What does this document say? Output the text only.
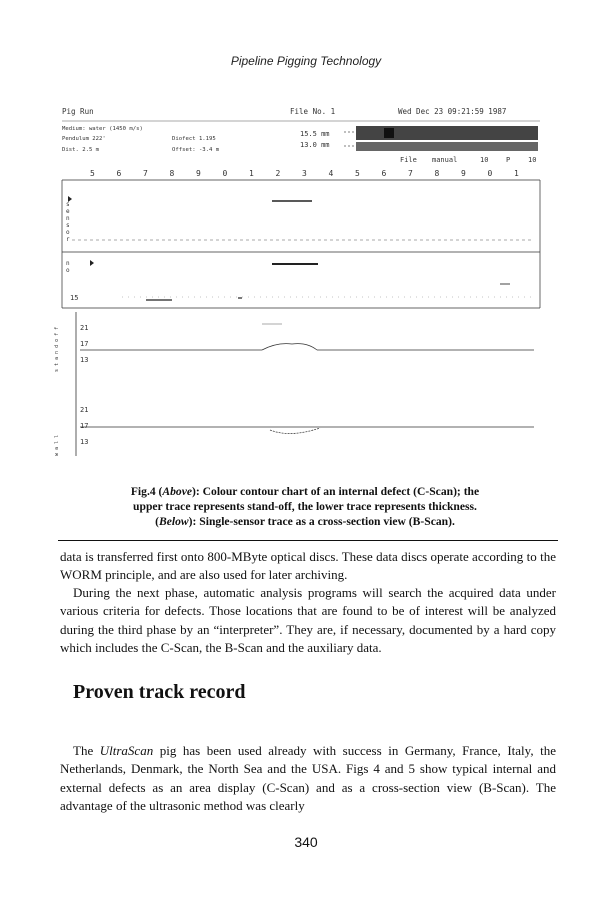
Pipeline Pigging Technology
Pig Run	File No. 1	Wed Dec 23 09:21:59 1987
Medium: water (1450 m/s)
Pendulum 222'	Diofect 1.195
Dist. 2.5 m	Offset: -3.4 m
15.5 mm
13.0 mm
File manual	10	P	10
5	6	7	8	9	0	1	2	3	4	5	6	7	8	9	0	1
s
e
n
s
o
r
n
o
15
s t a n d o f f
w a l l
21
17
13
21
17
13
Fig.4 (Above): Colour contour chart of an internal defect (C-Scan); the
upper trace represents stand-off, the lower trace represents thickness.
(Below): Single-sensor trace as a cross-section view (B-Scan).

data is transferred first onto 800-MByte optical discs. These data discs operate according to the WORM principle, and are also used for later archiving.

During the next phase, automatic analysis programs will search the acquired data under various criteria for defects. Those locations that are found to be of interest will be analyzed during the third phase by an “interpreter”. They are, if necessary, documented by a hard copy which includes the C-Scan, the B-Scan and the auxiliary data.

Proven track record

The UltraScan pig has been used already with success in Germany, France, Italy, the Netherlands, Denmark, the North Sea and the USA. Figs 4 and 5 show typical internal and external defects as an area display (C-Scan) and as a cross-section view (B-Scan). The advantage of the ultrasonic method was clearly

340
